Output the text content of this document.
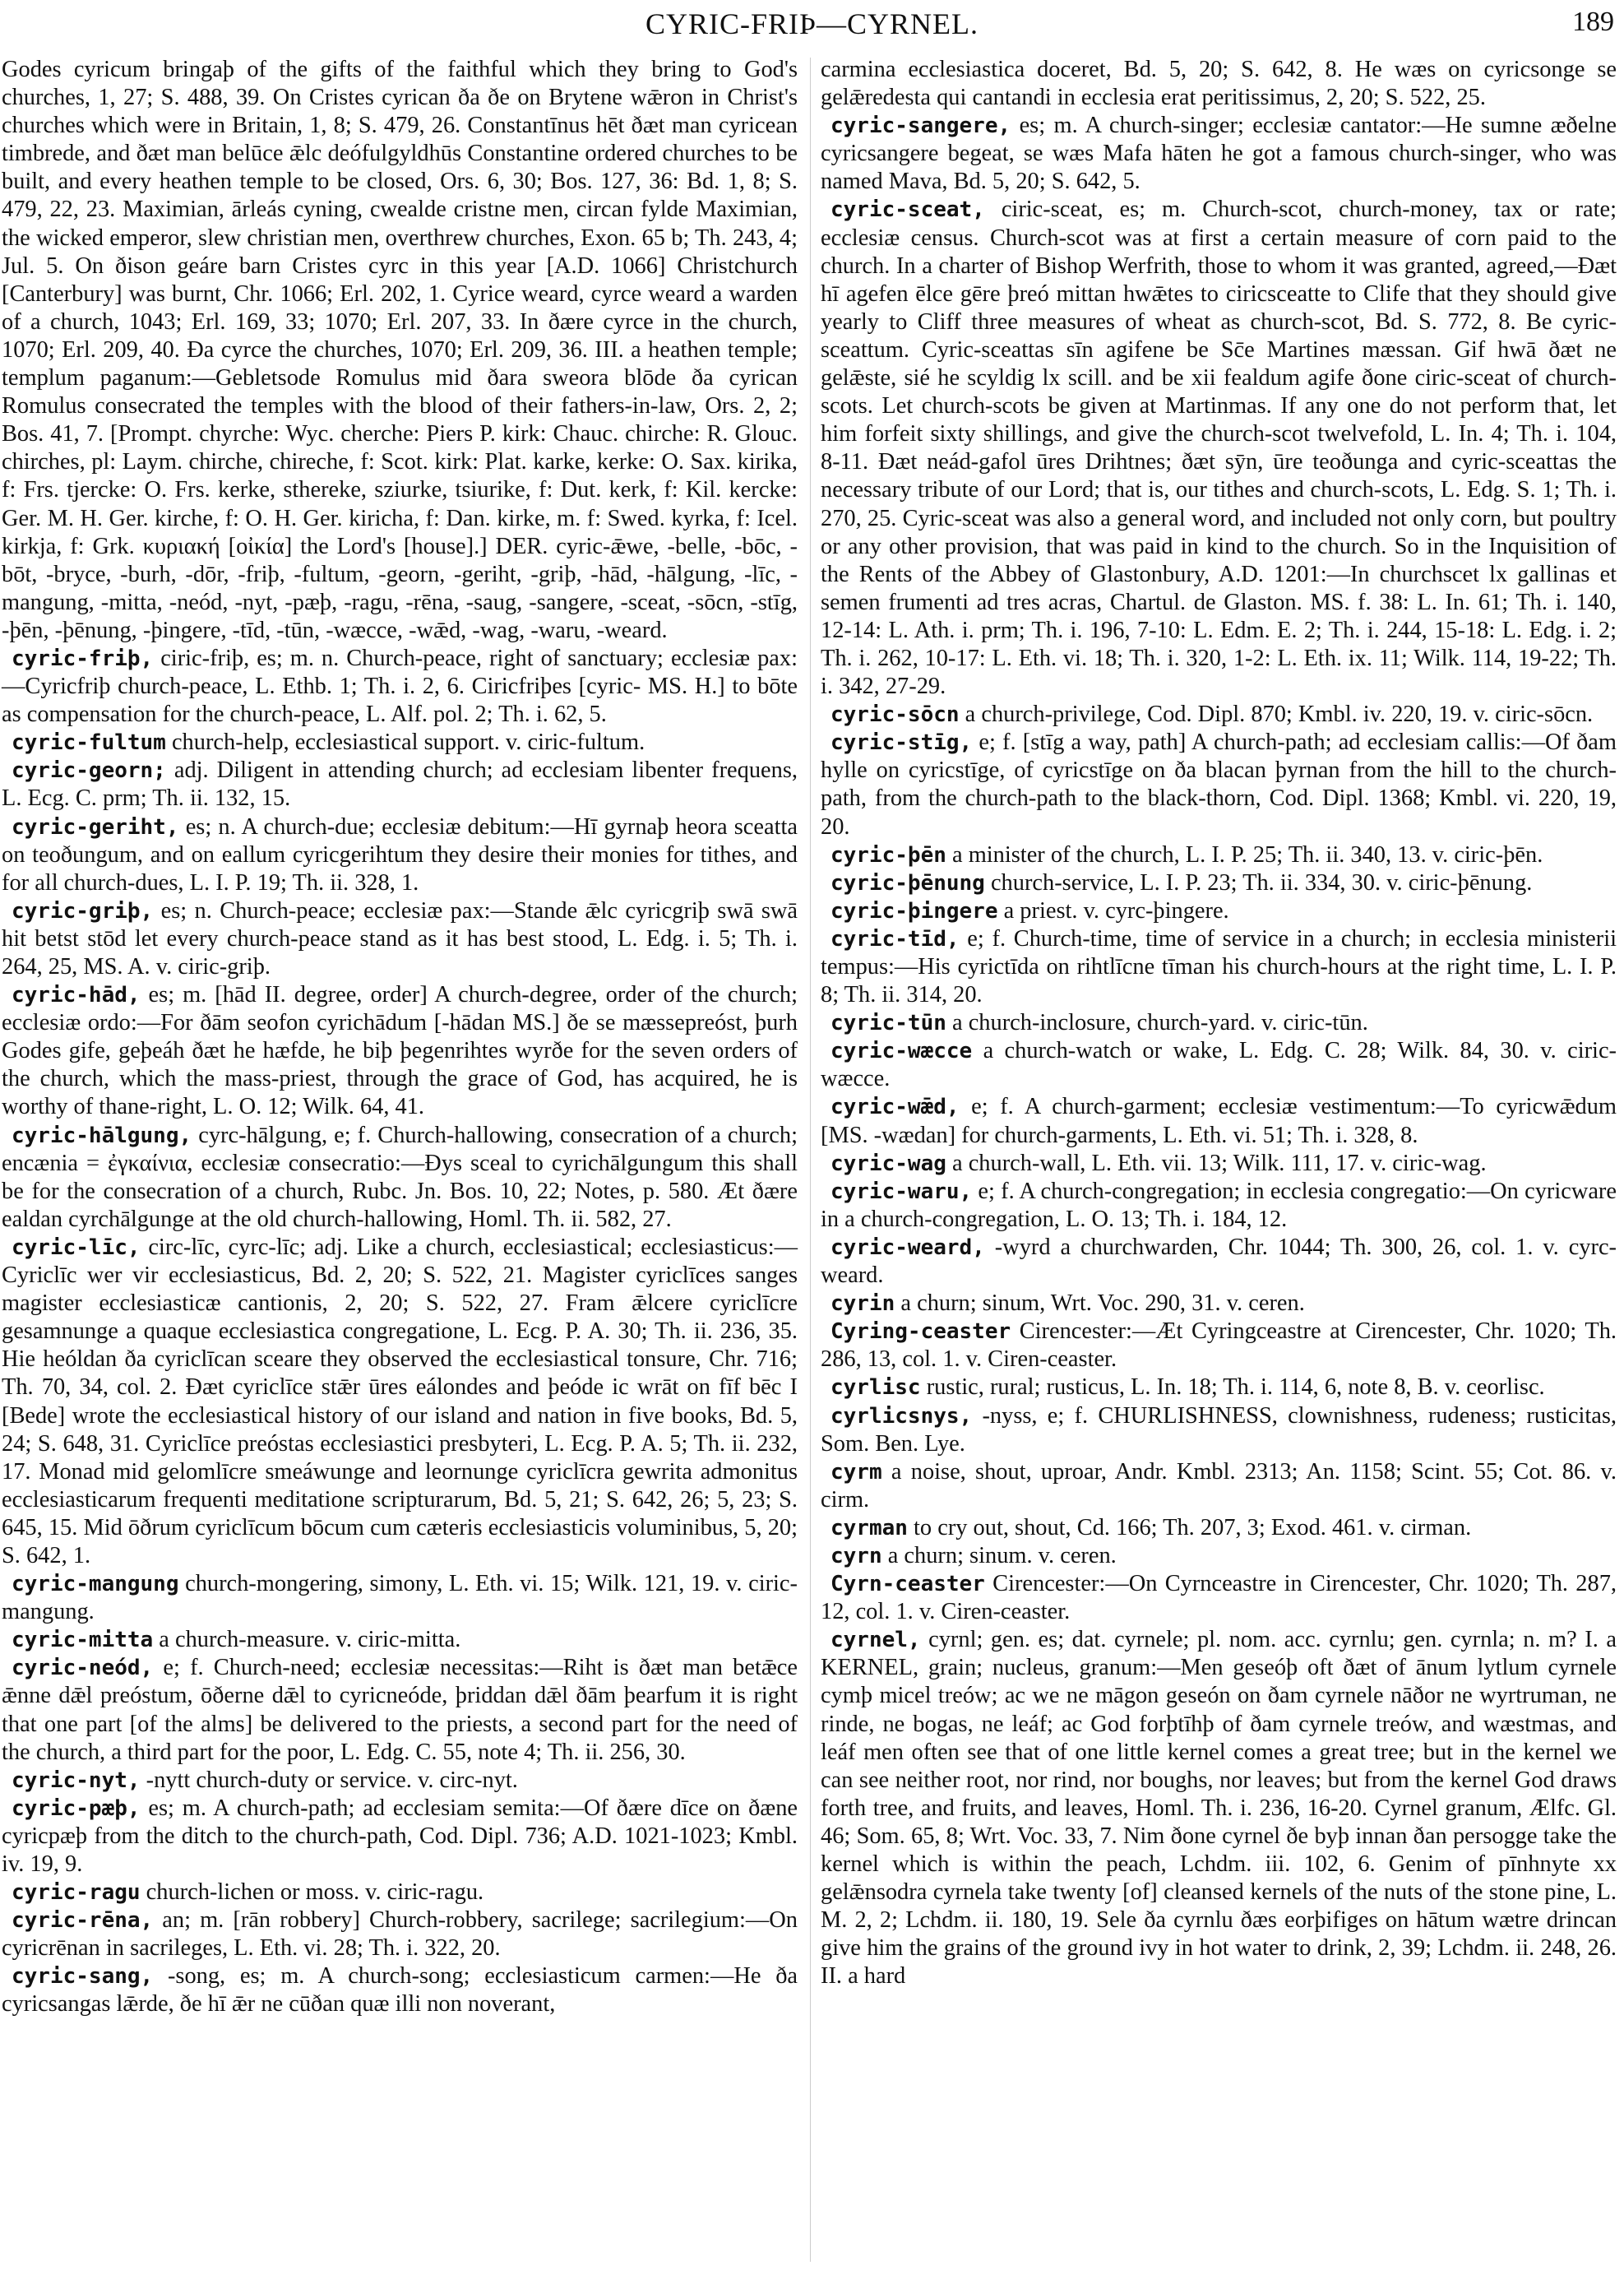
CYRIC-FRIÞ—CYRNEL.	189

Godes cyricum bringaþ of the gifts of the faithful which they bring to God's churches, 1, 27; S. 488, 39. On Cristes cyrican ða ðe on Brytene wǣron in Christ's churches which were in Britain, 1, 8; S. 479, 26. Constantīnus hēt ðæt man cyricean timbrede, and ðæt man belūce ǣlc deófulgyldhūs Constantine ordered churches to be built, and every heathen temple to be closed, Ors. 6, 30; Bos. 127, 36: Bd. 1, 8; S. 479, 22, 23. Maximian, ārleás cyning, cwealde cristne men, circan fylde Maximian, the wicked emperor, slew christian men, overthrew churches, Exon. 65 b; Th. 243, 4; Jul. 5. On ðison geáre barn Cristes cyrc in this year [A.D. 1066] Christchurch [Canterbury] was burnt, Chr. 1066; Erl. 202, 1. Cyrice weard, cyrce weard a warden of a church, 1043; Erl. 169, 33; 1070; Erl. 207, 33. In ðære cyrce in the church, 1070; Erl. 209, 40. Ða cyrce the churches, 1070; Erl. 209, 36. III. a heathen temple; templum paganum:—Gebletsode Romulus mid ðara sweora blōde ða cyrican Romulus consecrated the temples with the blood of their fathers-in-law, Ors. 2, 2; Bos. 41, 7. [Prompt. chyrche: Wyc. cherche: Piers P. kirk: Chauc. chirche: R. Glouc. chirches, pl: Laym. chirche, chireche, f: Scot. kirk: Plat. karke, kerke: O. Sax. kirika, f: Frs. tjercke: O. Frs. kerke, sthereke, sziurke, tsiurike, f: Dut. kerk, f: Kil. kercke: Ger. M. H. Ger. kirche, f: O. H. Ger. kiricha, f: Dan. kirke, m. f: Swed. kyrka, f: Icel. kirkja, f: Grk. κυριακή [οἰκία] the Lord's [house].] DER. cyric-ǣwe, -belle, -bōc, -bōt, -bryce, -burh, -dōr, -friþ, -fultum, -georn, -geriht, -griþ, -hād, -hālgung, -līc, -mangung, -mitta, -neód, -nyt, -pæþ, -ragu, -rēna, -saug, -sangere, -sceat, -sōcn, -stīg, -þēn, -þēnung, -þingere, -tīd, -tūn, -wæcce, -wǣd, -wag, -waru, -weard.

cyric-friþ, ciric-friþ, es; m. n. Church-peace, right of sanctuary; ecclesiæ pax:—Cyricfriþ church-peace, L. Ethb. 1; Th. i. 2, 6. Ciricfriþes [cyric- MS. H.] to bōte as compensation for the church-peace, L. Alf. pol. 2; Th. i. 62, 5.

cyric-fultum church-help, ecclesiastical support. v. ciric-fultum.

cyric-georn; adj. Diligent in attending church; ad ecclesiam libenter frequens, L. Ecg. C. prm; Th. ii. 132, 15.

cyric-geriht, es; n. A church-due; ecclesiæ debitum:—Hī gyrnaþ heora sceatta on teoðungum, and on eallum cyricgerihtum they desire their monies for tithes, and for all church-dues, L. I. P. 19; Th. ii. 328, 1.

cyric-griþ, es; n. Church-peace; ecclesiæ pax:—Stande ǣlc cyricgriþ swā swā hit betst stōd let every church-peace stand as it has best stood, L. Edg. i. 5; Th. i. 264, 25, MS. A. v. ciric-griþ.

cyric-hād, es; m. [hād II. degree, order] A church-degree, order of the church; ecclesiæ ordo:—For ðām seofon cyrichādum [-hādan MS.] ðe se mæssepreóst, þurh Godes gife, geþeáh ðæt he hæfde, he biþ þegenrihtes wyrðe for the seven orders of the church, which the mass-priest, through the grace of God, has acquired, he is worthy of thane-right, L. O. 12; Wilk. 64, 41.

cyric-hālgung, cyrc-hālgung, e; f. Church-hallowing, consecration of a church; encænia = ἐγκαίνια, ecclesiæ consecratio:—Ðys sceal to cyrichālgungum this shall be for the consecration of a church, Rubc. Jn. Bos. 10, 22; Notes, p. 580. Æt ðære ealdan cyrchālgunge at the old church-hallowing, Homl. Th. ii. 582, 27.

cyric-līc, circ-līc, cyrc-līc; adj. Like a church, ecclesiastical; ecclesiasticus:—Cyriclīc wer vir ecclesiasticus, Bd. 2, 20; S. 522, 21. Magister cyriclīces sanges magister ecclesiasticæ cantionis, 2, 20; S. 522, 27. Fram ǣlcere cyriclīcre gesamnunge a quaque ecclesiastica congregatione, L. Ecg. P. A. 30; Th. ii. 236, 35. Hie heóldan ða cyriclīcan sceare they observed the ecclesiastical tonsure, Chr. 716; Th. 70, 34, col. 2. Ðæt cyriclīce stǣr ūres eálondes and þeóde ic wrāt on fīf bēc I [Bede] wrote the ecclesiastical history of our island and nation in five books, Bd. 5, 24; S. 648, 31. Cyriclīce preóstas ecclesiastici presbyteri, L. Ecg. P. A. 5; Th. ii. 232, 17. Monad mid gelomlīcre smeáwunge and leornunge cyriclīcra gewrita admonitus ecclesiasticarum frequenti meditatione scripturarum, Bd. 5, 21; S. 642, 26; 5, 23; S. 645, 15. Mid ōðrum cyriclīcum bōcum cum cæteris ecclesiasticis voluminibus, 5, 20; S. 642, 1.

cyric-mangung church-mongering, simony, L. Eth. vi. 15; Wilk. 121, 19. v. ciric-mangung.

cyric-mitta a church-measure. v. ciric-mitta.

cyric-neód, e; f. Church-need; ecclesiæ necessitas:—Riht is ðæt man betǣce ǣnne dǣl preóstum, ōðerne dǣl to cyricneóde, þriddan dǣl ðām þearfum it is right that one part [of the alms] be delivered to the priests, a second part for the need of the church, a third part for the poor, L. Edg. C. 55, note 4; Th. ii. 256, 30.

cyric-nyt, -nytt church-duty or service. v. circ-nyt.

cyric-pæþ, es; m. A church-path; ad ecclesiam semita:—Of ðære dīce on ðæne cyricpæþ from the ditch to the church-path, Cod. Dipl. 736; A.D. 1021-1023; Kmbl. iv. 19, 9.

cyric-ragu church-lichen or moss. v. ciric-ragu.

cyric-rēna, an; m. [rān robbery] Church-robbery, sacrilege; sacrilegium:—On cyricrēnan in sacrileges, L. Eth. vi. 28; Th. i. 322, 20.

cyric-sang, -song, es; m. A church-song; ecclesiasticum carmen:—He ða cyricsangas lǣrde, ðe hī ǣr ne cūðan quæ illi non noverant,

carmina ecclesiastica doceret, Bd. 5, 20; S. 642, 8. He wæs on cyricsonge se gelǣredesta qui cantandi in ecclesia erat peritissimus, 2, 20; S. 522, 25.

cyric-sangere, es; m. A church-singer; ecclesiæ cantator:—He sumne æðelne cyricsangere begeat, se wæs Mafa hāten he got a famous church-singer, who was named Mava, Bd. 5, 20; S. 642, 5.

cyric-sceat, ciric-sceat, es; m. Church-scot, church-money, tax or rate; ecclesiæ census. Church-scot was at first a certain measure of corn paid to the church. In a charter of Bishop Werfrith, those to whom it was granted, agreed,—Ðæt hī agefen ēlce gēre þreó mittan hwǣtes to ciricsceatte to Clife that they should give yearly to Cliff three measures of wheat as church-scot, Bd. S. 772, 8. Be cyric-sceattum. Cyric-sceattas sīn agifene be Sc̄e Martines mæssan. Gif hwā ðæt ne gelǣste, sié he scyldig lx scill. and be xii fealdum agife ðone ciric-sceat of church-scots. Let church-scots be given at Martinmas. If any one do not perform that, let him forfeit sixty shillings, and give the church-scot twelvefold, L. In. 4; Th. i. 104, 8-11. Ðæt neád-gafol ūres Drihtnes; ðæt sȳn, ūre teoðunga and cyric-sceattas the necessary tribute of our Lord; that is, our tithes and church-scots, L. Edg. S. 1; Th. i. 270, 25. Cyric-sceat was also a general word, and included not only corn, but poultry or any other provision, that was paid in kind to the church. So in the Inquisition of the Rents of the Abbey of Glastonbury, A.D. 1201:—In churchscet lx gallinas et semen frumenti ad tres acras, Chartul. de Glaston. MS. f. 38: L. In. 61; Th. i. 140, 12-14: L. Ath. i. prm; Th. i. 196, 7-10: L. Edm. E. 2; Th. i. 244, 15-18: L. Edg. i. 2; Th. i. 262, 10-17: L. Eth. vi. 18; Th. i. 320, 1-2: L. Eth. ix. 11; Wilk. 114, 19-22; Th. i. 342, 27-29.

cyric-sōcn a church-privilege, Cod. Dipl. 870; Kmbl. iv. 220, 19. v. ciric-sōcn.

cyric-stīg, e; f. [stīg a way, path] A church-path; ad ecclesiam callis:—Of ðam hylle on cyricstīge, of cyricstīge on ða blacan þyrnan from the hill to the church-path, from the church-path to the black-thorn, Cod. Dipl. 1368; Kmbl. vi. 220, 19, 20.

cyric-þēn a minister of the church, L. I. P. 25; Th. ii. 340, 13. v. ciric-þēn.

cyric-þēnung church-service, L. I. P. 23; Th. ii. 334, 30. v. ciric-þēnung.

cyric-þingere a priest. v. cyrc-þingere.

cyric-tīd, e; f. Church-time, time of service in a church; in ecclesia ministerii tempus:—His cyrictīda on rihtlīcne tīman his church-hours at the right time, L. I. P. 8; Th. ii. 314, 20.

cyric-tūn a church-inclosure, church-yard. v. ciric-tūn.

cyric-wæcce a church-watch or wake, L. Edg. C. 28; Wilk. 84, 30. v. ciric-wæcce.

cyric-wǣd, e; f. A church-garment; ecclesiæ vestimentum:—To cyricwǣdum [MS. -wædan] for church-garments, L. Eth. vi. 51; Th. i. 328, 8.

cyric-wag a church-wall, L. Eth. vii. 13; Wilk. 111, 17. v. ciric-wag.

cyric-waru, e; f. A church-congregation; in ecclesia congregatio:—On cyricware in a church-congregation, L. O. 13; Th. i. 184, 12.

cyric-weard, -wyrd a churchwarden, Chr. 1044; Th. 300, 26, col. 1. v. cyrc-weard.

cyrin a churn; sinum, Wrt. Voc. 290, 31. v. ceren.

Cyring-ceaster Cirencester:—Æt Cyringceastre at Cirencester, Chr. 1020; Th. 286, 13, col. 1. v. Ciren-ceaster.

cyrlisc rustic, rural; rusticus, L. In. 18; Th. i. 114, 6, note 8, B. v. ceorlisc.

cyrlicsnys, -nyss, e; f. CHURLISHNESS, clownishness, rudeness; rusticitas, Som. Ben. Lye.

cyrm a noise, shout, uproar, Andr. Kmbl. 2313; An. 1158; Scint. 55; Cot. 86. v. cirm.

cyrman to cry out, shout, Cd. 166; Th. 207, 3; Exod. 461. v. cirman.

cyrn a churn; sinum. v. ceren.

Cyrn-ceaster Cirencester:—On Cyrnceastre in Cirencester, Chr. 1020; Th. 287, 12, col. 1. v. Ciren-ceaster.

cyrnel, cyrnl; gen. es; dat. cyrnele; pl. nom. acc. cyrnlu; gen. cyrnla; n. m? I. a KERNEL, grain; nucleus, granum:—Men geseóþ oft ðæt of ānum lytlum cyrnele cymþ micel treów; ac we ne māgon geseón on ðam cyrnele nāðor ne wyrtruman, ne rinde, ne bogas, ne leáf; ac God forþtīhþ of ðam cyrnele treów, and wæstmas, and leáf men often see that of one little kernel comes a great tree; but in the kernel we can see neither root, nor rind, nor boughs, nor leaves; but from the kernel God draws forth tree, and fruits, and leaves, Homl. Th. i. 236, 16-20. Cyrnel granum, Ælfc. Gl. 46; Som. 65, 8; Wrt. Voc. 33, 7. Nim ðone cyrnel ðe byþ innan ðan persogge take the kernel which is within the peach, Lchdm. iii. 102, 6. Genim of pīnhnyte xx gelǣnsodra cyrnela take twenty [of] cleansed kernels of the nuts of the stone pine, L. M. 2, 2; Lchdm. ii. 180, 19. Sele ða cyrnlu ðæs eorþifiges on hātum wætre drincan give him the grains of the ground ivy in hot water to drink, 2, 39; Lchdm. ii. 248, 26. II. a hard
